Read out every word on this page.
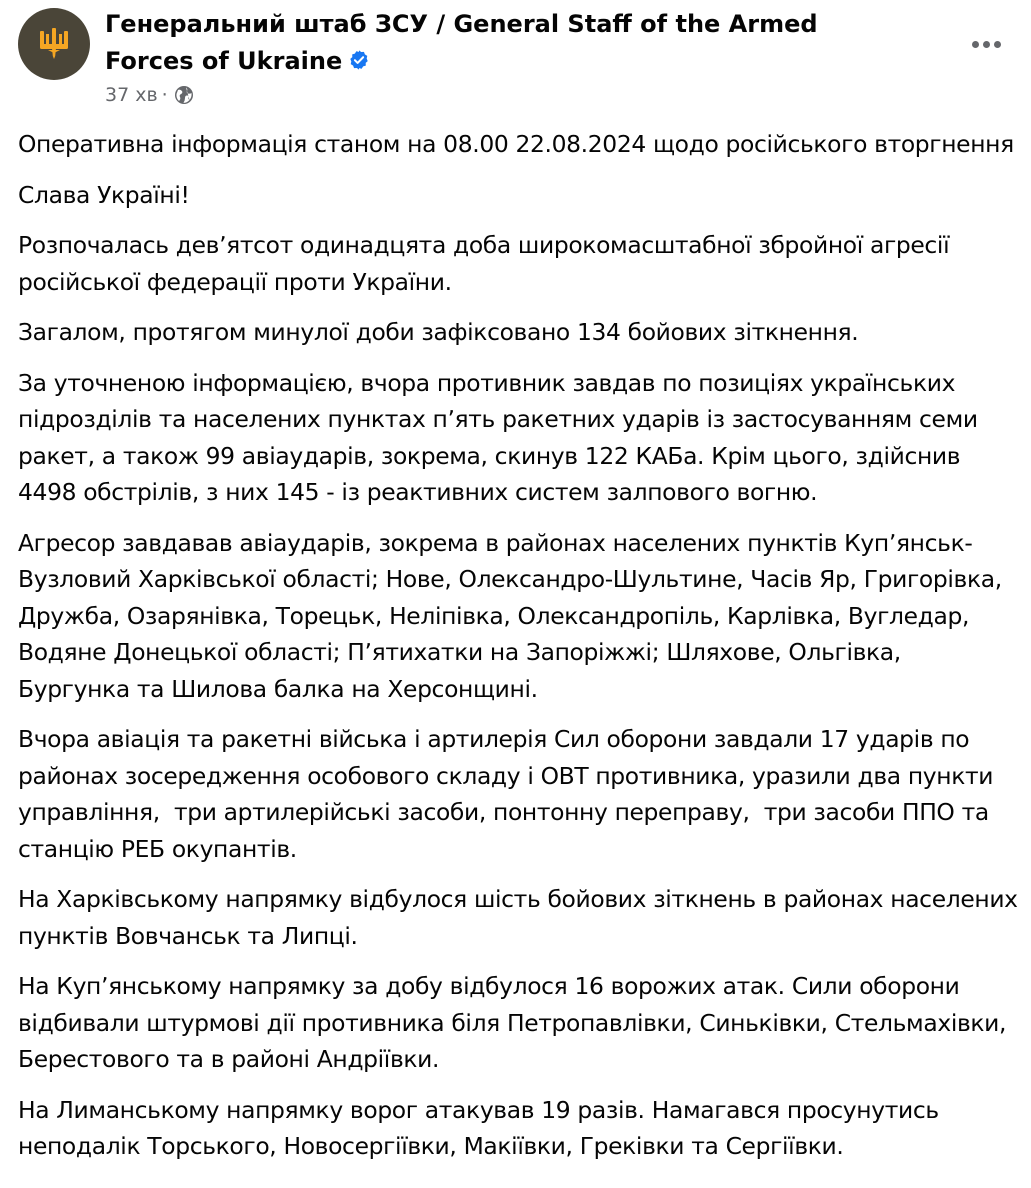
Генеральний штаб ЗСУ / General Staff of the Armed Forces of Ukraine
37 хв ·

Оперативна інформація станом на 08.00 22.08.2024 щодо російського вторгнення

Слава Україні!

Розпочалась девʼятсот одинадцята доба широкомасштабної збройної агресії російської федерації проти України.

Загалом, протягом минулої доби зафіксовано 134 бойових зіткнення.

За уточненою інформацією, вчора противник завдав по позиціях українських підрозділів та населених пунктах пʼять ракетних ударів із застосуванням семи ракет, а також 99 авіаударів, зокрема, скинув 122 КАБа. Крім цього, здійснив 4498 обстрілів, з них 145 - із реактивних систем залпового вогню.

Агресор завдавав авіаударів, зокрема в районах населених пунктів Купʼянськ-Вузловий Харківської області; Нове, Олександро-Шультине, Часів Яр, Григорівка, Дружба, Озарянівка, Торецьк, Неліпівка, Олександропіль, Карлівка, Вугледар, Водяне Донецької області; Пʼятихатки на Запоріжжі; Шляхове, Ольгівка, Бургунка та Шилова балка на Херсонщині.

Вчора авіація та ракетні війська і артилерія Сил оборони завдали 17 ударів по районах зосередження особового складу і ОВТ противника, уразили два пункти управління,  три артилерійські засоби, понтонну переправу,  три засоби ППО та станцію РЕБ окупантів.

На Харківському напрямку відбулося шість бойових зіткнень в районах населених пунктів Вовчанськ та Липці.

На Купʼянському напрямку за добу відбулося 16 ворожих атак. Сили оборони відбивали штурмові дії противника біля Петропавлівки, Синьківки, Стельмахівки, Берестового та в районі Андріївки.

На Лиманському напрямку ворог атакував 19 разів. Намагався просунутись неподалік Торського, Новосергіївки, Макіївки, Греківки та Сергіївки.
